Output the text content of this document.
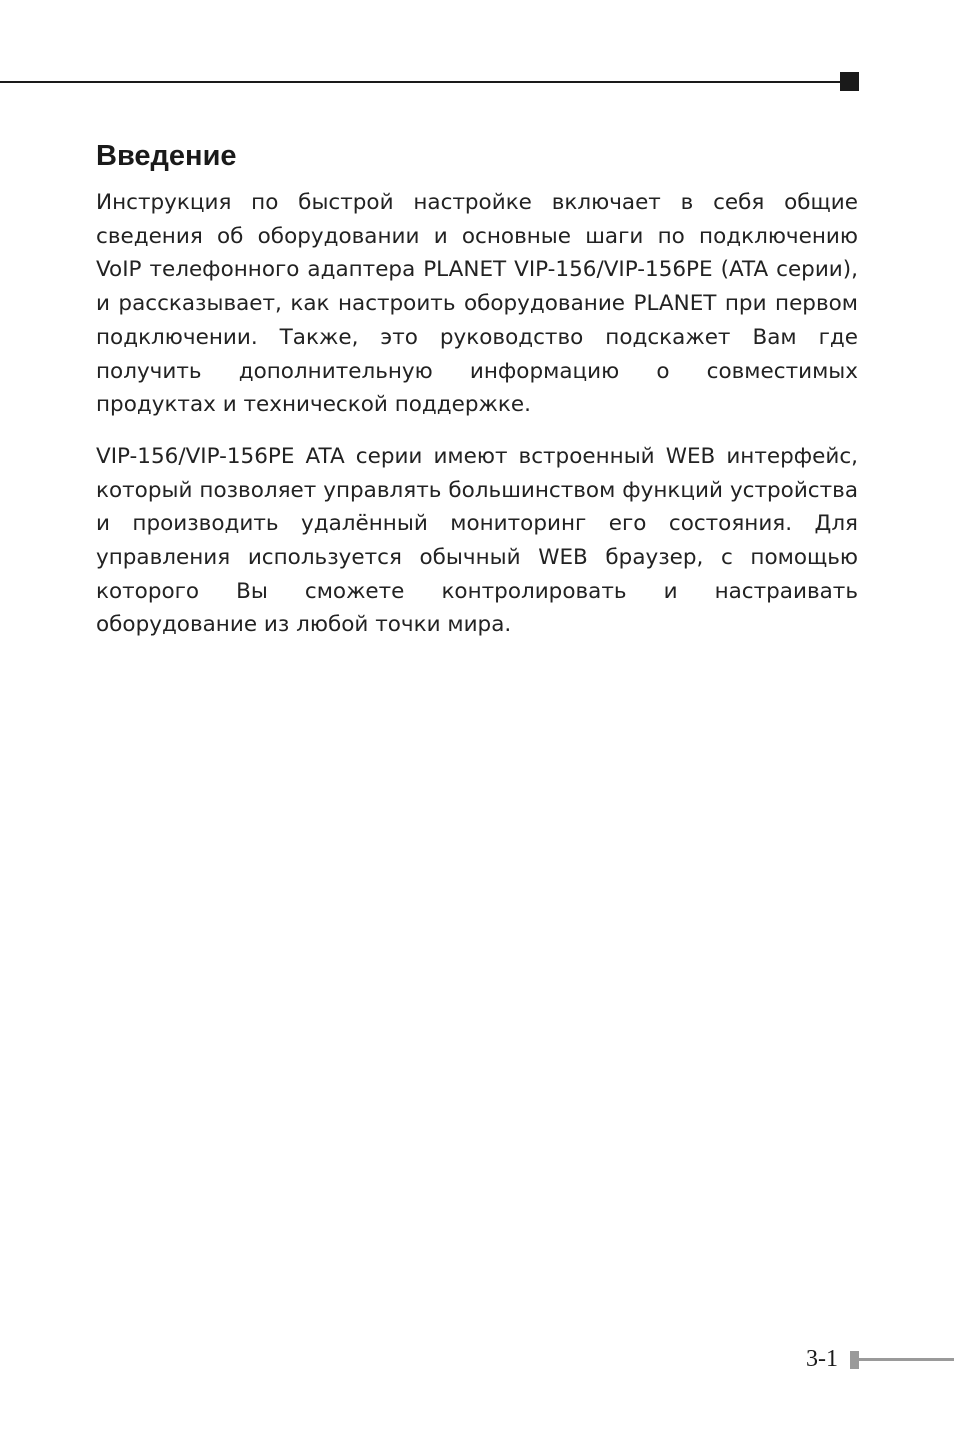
Введение

Инструкция по быстрой настройке включает в себя общие сведения об оборудовании и основные шаги по подключению VoIP телефонного адаптера PLANET VIP-156/VIP-156PE (ATA серии), и рассказывает, как настроить оборудование PLANET при первом подключении. Также, это руководство подскажет Вам где получить дополнительную информацию о совместимых продуктах и технической поддержке.

VIP-156/VIP-156PE ATA серии имеют встроенный WEB интерфейс, который позволяет управлять большинством функций устройства и производить удалённый мониторинг его состояния. Для управления используется обычный WEB браузер, с помощью которого Вы сможете контролировать и настраивать оборудование из любой точки мира.

3-1
